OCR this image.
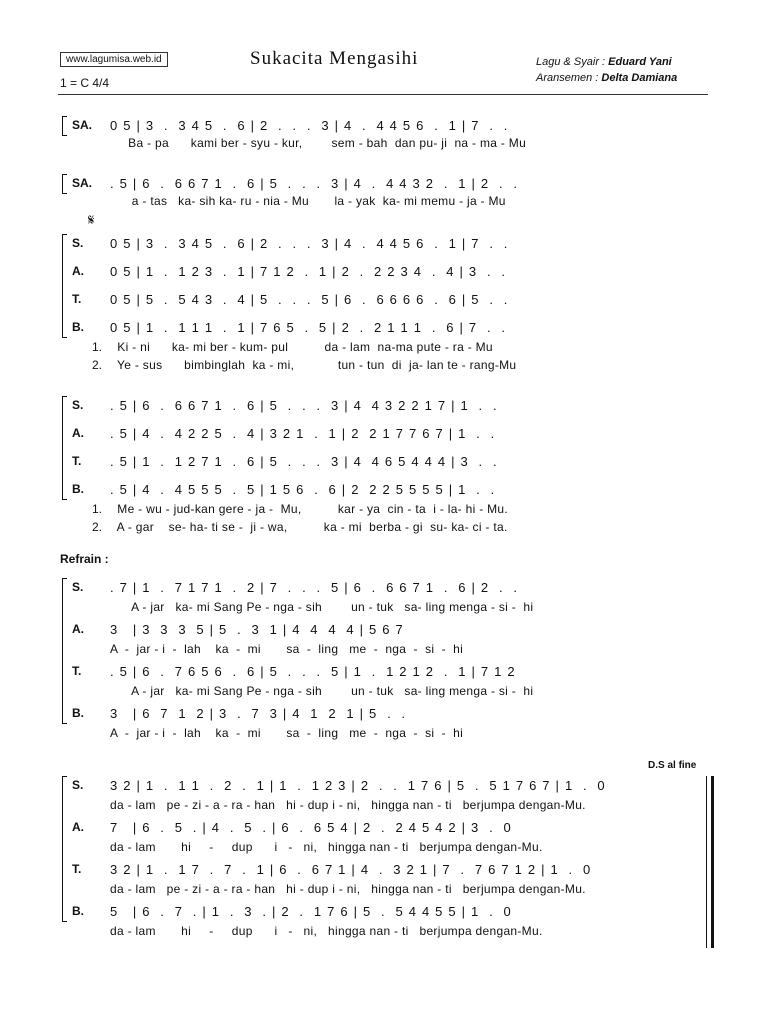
www.lagumisa.web.id
1 = C 4/4
Sukacita Mengasihi	Lagu & Syair : Eduard Yani
Aransemen : Delta Damiana
𝄋
SA. 0 5 | 3  .  3 4 5  .  6 | 2  .  .  .  3 | 4  .  4 4 5 6  .  1 | 7  .  .
Ba - pa      kami ber - syu - kur,        sem - bah  dan pu- ji  na - ma - Mu
SA. . 5 | 6  .  6 6 7 1  .  6 | 5  .  .  .  3 | 4  .  4 4 3 2  .  1 | 2  .  .
a - tas   ka- sih ka- ru - nia - Mu       la - yak  ka- mi memu - ja - Mu
S. 0 5 | 3  .  3 4 5  .  6 | 2  .  .  .  3 | 4  .  4 4 5 6  .  1 | 7  .  .
A. 0 5 | 1  .  1 2 3  .  1 | 7 1 2  .  1 | 2  .  2 2 3 4  .  4 | 3  .  .
T. 0 5 | 5  .  5 4 3  .  4 | 5  .  .  .  5 | 6  .  6 6 6 6  .  6 | 5  .  .
B. 0 5 | 1  .  1 1 1  .  1 | 7 6 5  .  5 | 2  .  2 1 1 1  .  6 | 7  .  .
1. Ki - ni      ka- mi ber - kum- pul          da - lam  na-ma pute - ra - Mu
2. Ye - sus      bimbinglah  ka - mi,            tun - tun  di  ja- lan te - rang-Mu
S. . 5 | 6  .  6 6 7 1  .  6 | 5  .  .  .  3 | 4  4 3 2 2 1 7 | 1  .  .
A. . 5 | 4  .  4 2 2 5  .  4 | 3 2 1  .  1 | 2  2 1 7 7 6 7 | 1  .  .
T. . 5 | 1  .  1 2 7 1  .  6 | 5  .  .  .  3 | 4  4 6 5 4 4 4 | 3  .  .
B. . 5 | 4  .  4 5 5 5  .  5 | 1 5 6  .  6 | 2  2 2 5 5 5 5 | 1  .  .
1. Me - wu - jud-kan gere - ja -  Mu,          kar - ya  cin - ta  i - la- hi - Mu.
2. A - gar    se- ha- ti se -  ji - wa,          ka - mi  berba - gi  su- ka- ci - ta.
S. . 7 | 1  .  7 1 7 1  .  2 | 7  .  .  .  5 | 6  .  6 6 7 1  .  6 | 2  .  .
A - jar   ka- mi Sang Pe - nga - sih        un - tuk   sa- ling menga - si -  hi
A. 3   | 3  3  3  5 | 5  .  3  1 | 4  4  4  4 | 5 6 7
A  -  jar - i  -  lah    ka  -  mi       sa  -  ling   me  -  nga  -  si  -  hi
T. . 5 | 6  .  7 6 5 6  .  6 | 5  .  .  .  5 | 1  .  1 2 1 2  .  1 | 7 1 2
A - jar   ka- mi Sang Pe - nga - sih        un - tuk   sa- ling menga - si -  hi
B. 3   | 6  7  1  2 | 3  .  7  3 | 4  1  2  1 | 5  .  .
A  -  jar - i  -  lah    ka  -  mi       sa  -  ling   me  -  nga  -  si  -  hi
S. 3 2 | 1  .  1 1  .  2  .  1 | 1  .  1 2 3 | 2  .  .  1 7 6 | 5  .  5 1 7 6 7 | 1  .  0
da - lam   pe - zi - a - ra - han   hi - dup i - ni,   hingga nan - ti   berjumpa dengan-Mu.
A. 7   | 6  .  5  . | 4  .  5  . | 6  .  6 5 4 | 2  .  2 4 5 4 2 | 3  .  0
da - lam       hi     -     dup      i   -   ni,   hingga nan - ti   berjumpa dengan-Mu.
T. 3 2 | 1  .  1 7  .  7  .  1 | 6  .  6 7 1 | 4  .  3 2 1 | 7  .  7 6 7 1 2 | 1  .  0
da - lam   pe - zi - a - ra - han   hi - dup i - ni,   hingga nan - ti   berjumpa dengan-Mu.
B. 5   | 6  .  7  . | 1  .  3  . | 2  .  1 7 6 | 5  .  5 4 4 5 5 | 1  .  0
da - lam       hi     -     dup      i   -   ni,   hingga nan - ti   berjumpa dengan-Mu.
Refrain :
D.S al fine
